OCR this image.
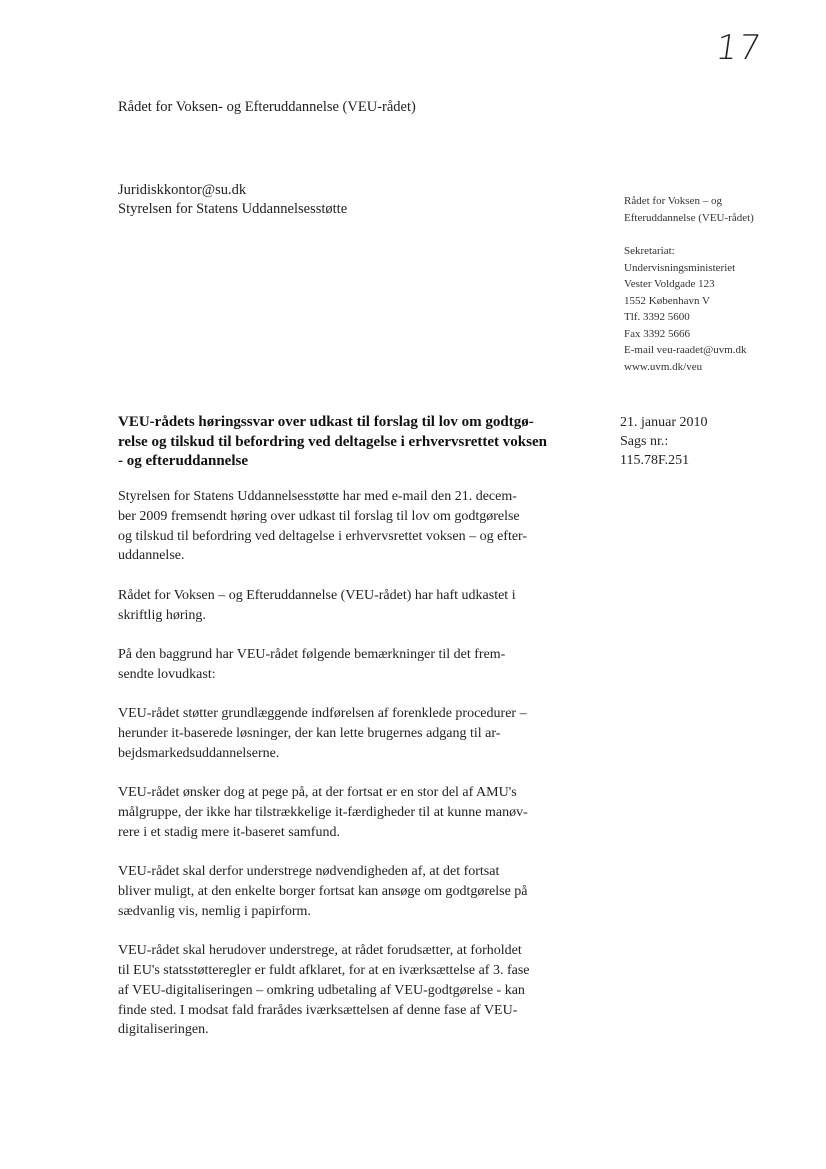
17
Rådet for Voksen- og Efteruddannelse (VEU-rådet)
Juridiskkontor@su.dk
Styrelsen for Statens Uddannelsesstøtte	Rådet for Voksen – og
Efteruddannelse (VEU-rådet)
Sekretariat:
Undervisningsministeriet
Vester Voldgade 123
1552 København V
Tlf. 3392 5600
Fax 3392 5666
E-mail veu-raadet@uvm.dk
www.uvm.dk/veu
VEU-rådets høringssvar over udkast til forslag til lov om godtgø-
relse og tilskud til befordring ved deltagelse i erhvervsrettet voksen
- og efteruddannelse
21. januar 2010
Sags nr.:
115.78F.251

Styrelsen for Statens Uddannelsesstøtte har med e-mail den 21. decem-
ber 2009 fremsendt høring over udkast til forslag til lov om godtgørelse
og tilskud til befordring ved deltagelse i erhvervsrettet voksen – og efter-
uddannelse.

Rådet for Voksen – og Efteruddannelse (VEU-rådet) har haft udkastet i
skriftlig høring.

På den baggrund har VEU-rådet følgende bemærkninger til det frem-
sendte lovudkast:

VEU-rådet støtter grundlæggende indførelsen af forenklede procedurer –
herunder it-baserede løsninger, der kan lette brugernes adgang til ar-
bejdsmarkedsuddannelserne.

VEU-rådet ønsker dog at pege på, at der fortsat er en stor del af AMU's
målgruppe, der ikke har tilstrækkelige it-færdigheder til at kunne manøv-
rere i et stadig mere it-baseret samfund.

VEU-rådet skal derfor understrege nødvendigheden af, at det fortsat
bliver muligt, at den enkelte borger fortsat kan ansøge om godtgørelse på
sædvanlig vis, nemlig i papirform.

VEU-rådet skal herudover understrege, at rådet forudsætter, at forholdet
til EU's statsstøtteregler er fuldt afklaret, for at en iværksættelse af 3. fase
af VEU-digitaliseringen – omkring udbetaling af VEU-godtgørelse - kan
finde sted. I modsat fald frarådes iværksættelsen af denne fase af VEU-
digitaliseringen.
